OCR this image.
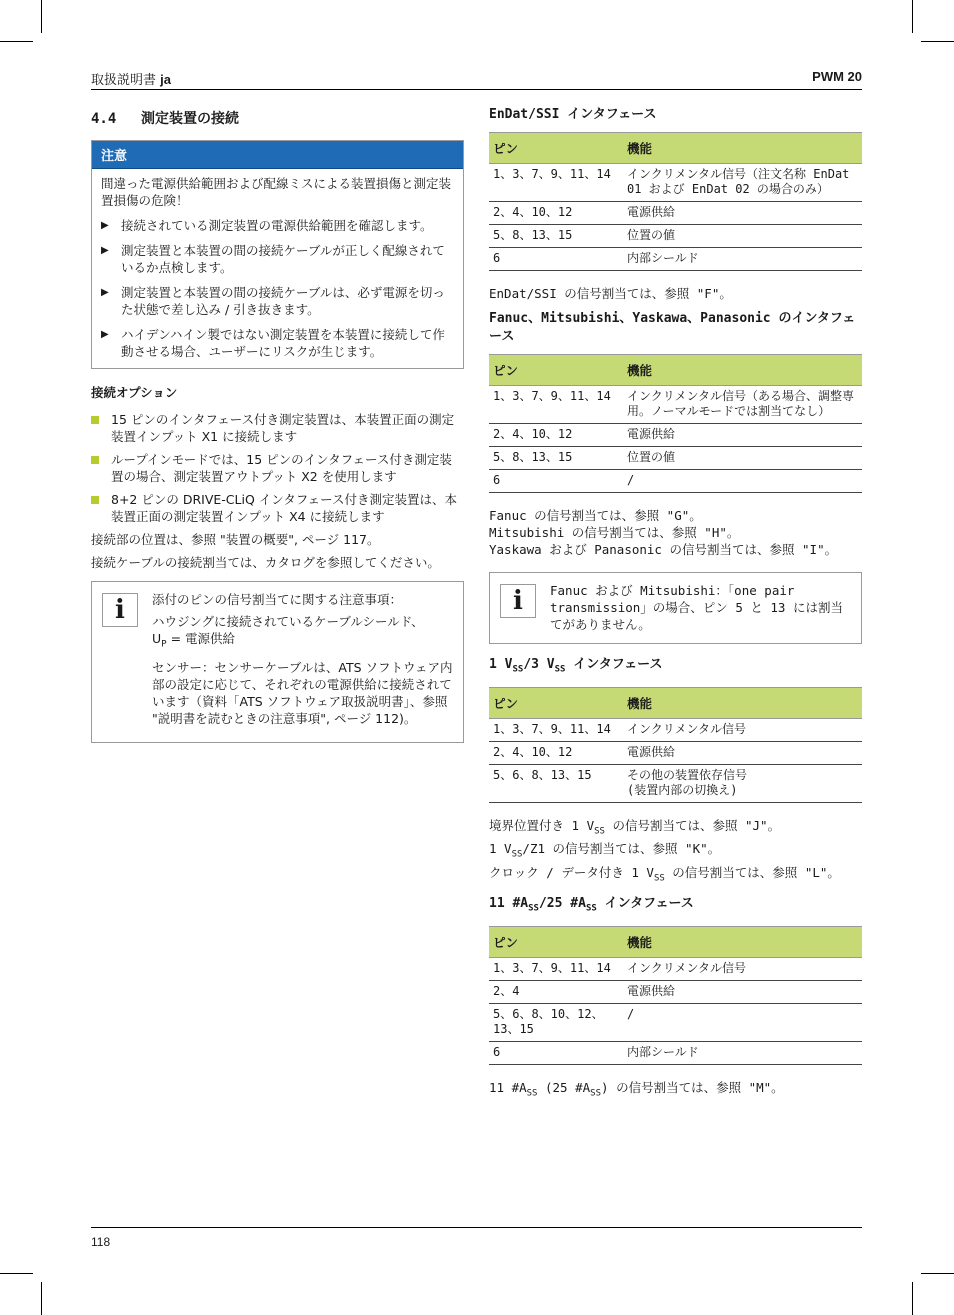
取扱説明書 ja	PWM 20
4.4 測定装置の接続
注意
間違った電源供給範囲および配線ミスによる装置損傷と測定装置損傷の危険！
▶ 接続されている測定装置の電源供給範囲を確認します。
▶ 測定装置と本装置の間の接続ケーブルが正しく配線されているか点検します。
▶ 測定装置と本装置の間の接続ケーブルは、必ず電源を切った状態で差し込み / 引き抜きます。
▶ ハイデンハイン製ではない測定装置を本装置に接続して作動させる場合、ユーザーにリスクが生じます。
接続オプション
15 ピンのインタフェース付き測定装置は、本装置正面の測定装置インプット X1 に接続します
ループインモードでは、15 ピンのインタフェース付き測定装置の場合、測定装置アウトプット X2 を使用します
8+2 ピンの DRIVE-CLiQ インタフェース付き測定装置は、本装置正面の測定装置インプット X4 に接続します
接続部の位置は、参照 "装置の概要", ページ 117。
接続ケーブルの接続割当ては、カタログを参照してください。
i	添付のピンの信号割当てに関する注意事項：

ハウジングに接続されているケーブルシールド、

$U_P$ = 電源供給

センサー：センサーケーブルは、ATS ソフトウェア内部の設定に応じて、それぞれの電源供給に接続されています（資料「ATS ソフトウェア取扱説明書」、参照 "説明書を読むときの注意事項", ページ 112)。

EnDat/SSI インタフェース
ピン	機能
1、3、7、9、11、14	インクリメンタル信号（注文名称 EnDat 01 および EnDat 02 の場合のみ）
2、4、10、12	電源供給
5、8、13、15	位置の値
6	内部シールド

EnDat/SSI の信号割当ては、参照 "F"。

Fanuc、Mitsubishi、Yaskawa、Panasonic のインタフェース
ピン	機能
1、3、7、9、11、14	インクリメンタル信号（ある場合、調整専用。ノーマルモードでは割当てなし）
2、4、10、12	電源供給
5、8、13、15	位置の値
6	/

Fanuc の信号割当ては、参照 "G"。

Mitsubishi の信号割当ては、参照 "H"。

Yaskawa および Panasonic の信号割当ては、参照 "I"。

i	Fanuc および Mitsubishi：「one pair transmission」の場合、ピン 5 と 13 には割当てがありません。

1 $V_{SS}/3$ $V_{SS}$ インタフェース
ピン	機能
1、3、7、9、11、14	インクリメンタル信号
2、4、10、12	電源供給
5、6、8、13、15	その他の装置依存信号
(装置内部の切換え)

境界位置付き 1 $V_{SS}$ の信号割当ては、参照 "J"。

1 $V_{SS}/Z1$ の信号割当ては、参照 "K"。

クロック / データ付き 1 $V_{SS}$ の信号割当ては、参照 "L"。

11 $\#A_{SS}/25$ $\#A_{SS}$ インタフェース
ピン	機能
1、3、7、9、11、14	インクリメンタル信号
2、4	電源供給
5、6、8、10、12、13、15	/
6	内部シールド

11 $\#A_{SS}$ (25 $\#A_{SS}$) の信号割当ては、参照 "M"。

118
